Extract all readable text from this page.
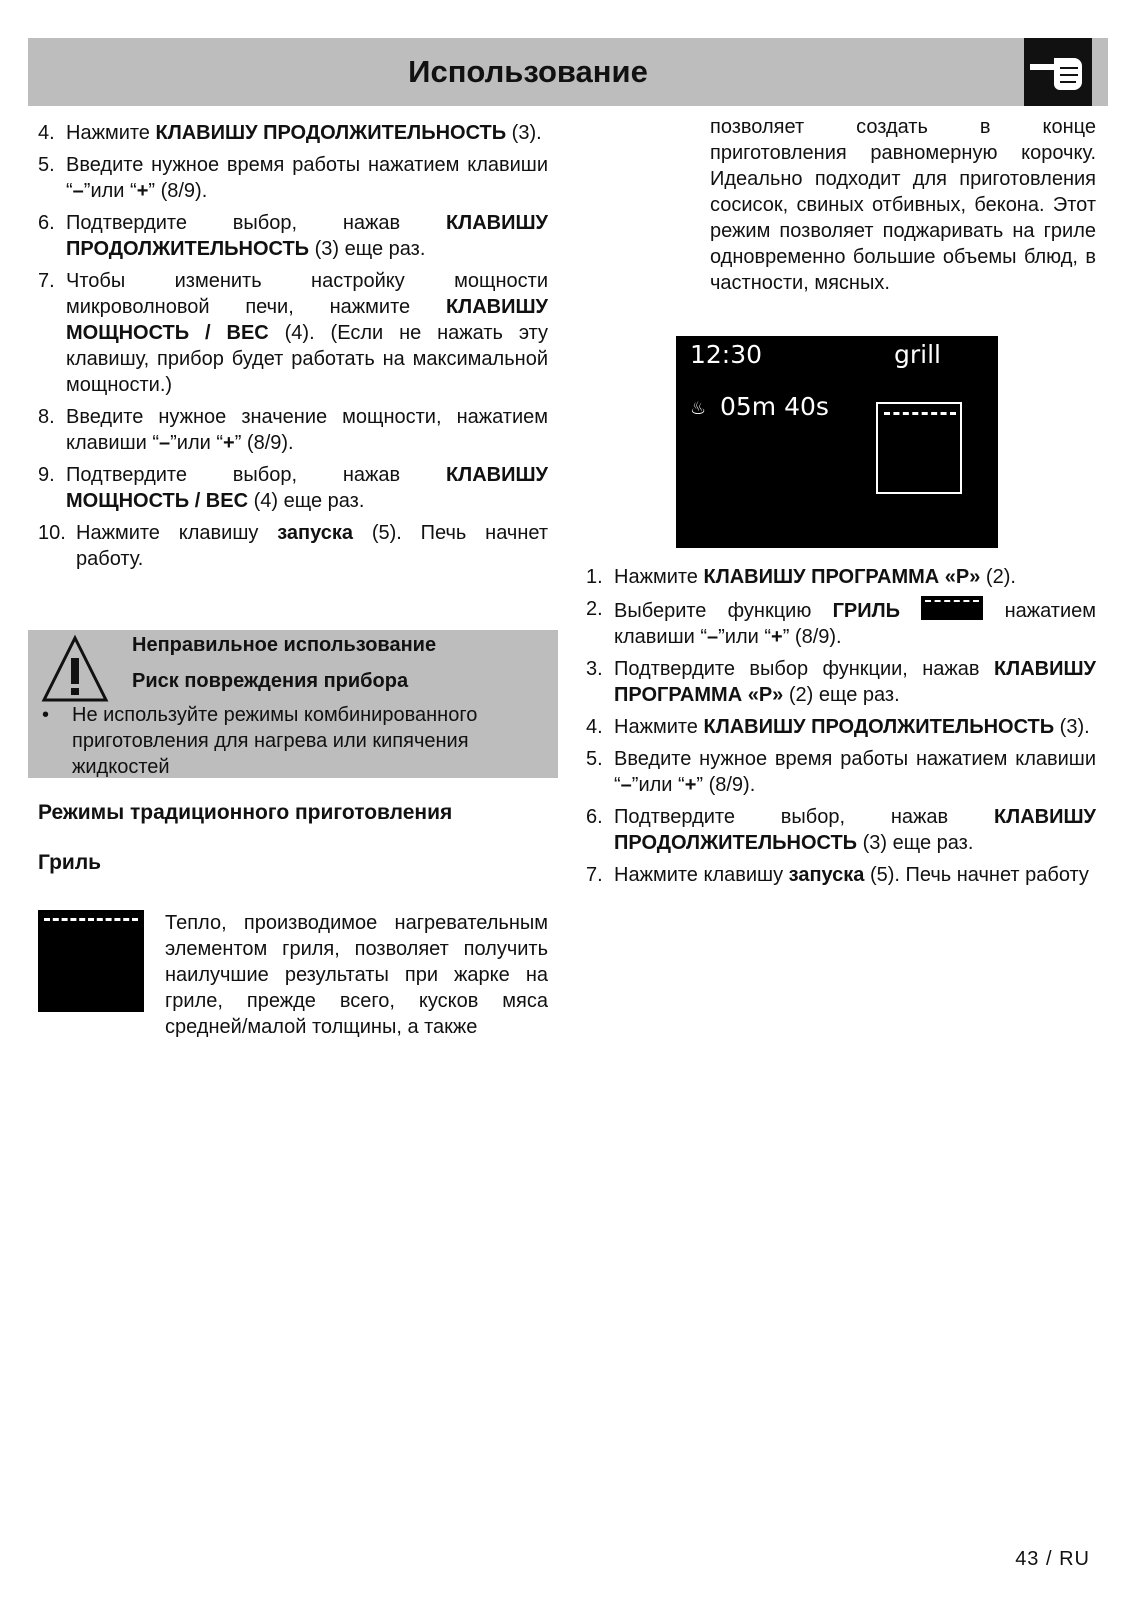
Использование
4. Нажмите КЛАВИШУ ПРОДОЛЖИТЕЛЬНОСТЬ (3).
5. Введите нужное время работы нажатием клавиши “–”или “+” (8/9).
6. Подтвердите выбор, нажав КЛАВИШУ ПРОДОЛЖИТЕЛЬНОСТЬ (3) еще раз.
7. Чтобы изменить настройку мощности микроволновой печи, нажмите КЛАВИШУ МОЩНОСТЬ / ВЕС (4). (Если не нажать эту клавишу, прибор будет работать на максимальной мощности.)
8. Введите нужное значение мощности, нажатием клавиши “–”или “+” (8/9).
9. Подтвердите выбор, нажав КЛАВИШУ МОЩНОСТЬ / ВЕС (4) еще раз.
10. Нажмите клавишу запуска (5). Печь начнет работу.
Неправильное использование
Риск повреждения прибора
• Не используйте режимы комбинированного приготовления для нагрева или кипячения жидкостей
Режимы традиционного приготовления
Гриль
Тепло, производимое нагревательным элементом гриля, позволяет получить наилучшие результаты при жарке на гриле, прежде всего, кусков мяса средней/малой толщины, а также
позволяет создать в конце приготовления равномерную корочку. Идеально подходит для приготовления сосисок, свиных отбивных, бекона. Этот режим позволяет поджаривать на гриле одновременно большие объемы блюд, в частности, мясных.
12:30	grill
♨ 05m 40s
1. Нажмите КЛАВИШУ ПРОГРАММА «P» (2).
2. Выберите функцию ГРИЛЬ	нажатием клавиши “–”или “+” (8/9).
3. Подтвердите выбор функции, нажав КЛАВИШУ ПРОГРАММА «P» (2) еще раз.
4. Нажмите КЛАВИШУ ПРОДОЛЖИТЕЛЬНОСТЬ (3).
5. Введите нужное время работы нажатием клавиши “–”или “+” (8/9).
6. Подтвердите выбор, нажав КЛАВИШУ ПРОДОЛЖИТЕЛЬНОСТЬ (3) еще раз.
7. Нажмите клавишу запуска (5). Печь начнет работу
43 / RU
